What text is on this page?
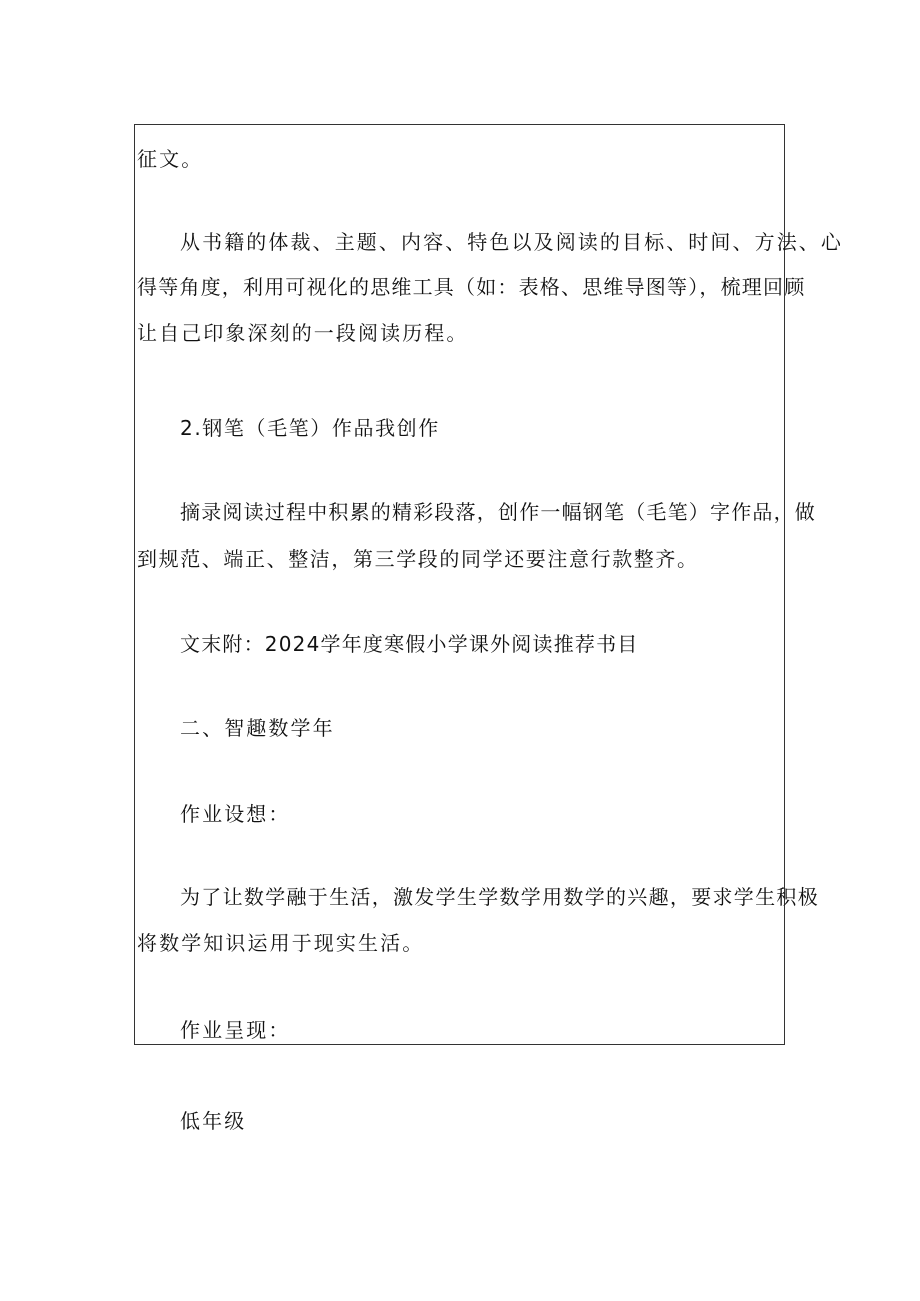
征文。
从书籍的体裁、主题、内容、特色以及阅读的目标、时间、方法、心
得等角度，利用可视化的思维工具（如：表格、思维导图等），梳理回顾
让自己印象深刻的一段阅读历程。
2.钢笔（毛笔）作品我创作
摘录阅读过程中积累的精彩段落，创作一幅钢笔（毛笔）字作品，做
到规范、端正、整洁，第三学段的同学还要注意行款整齐。
文末附：2024学年度寒假小学课外阅读推荐书目
二、智趣数学年
作业设想：
为了让数学融于生活，激发学生学数学用数学的兴趣，要求学生积极
将数学知识运用于现实生活。
作业呈现：
低年级
